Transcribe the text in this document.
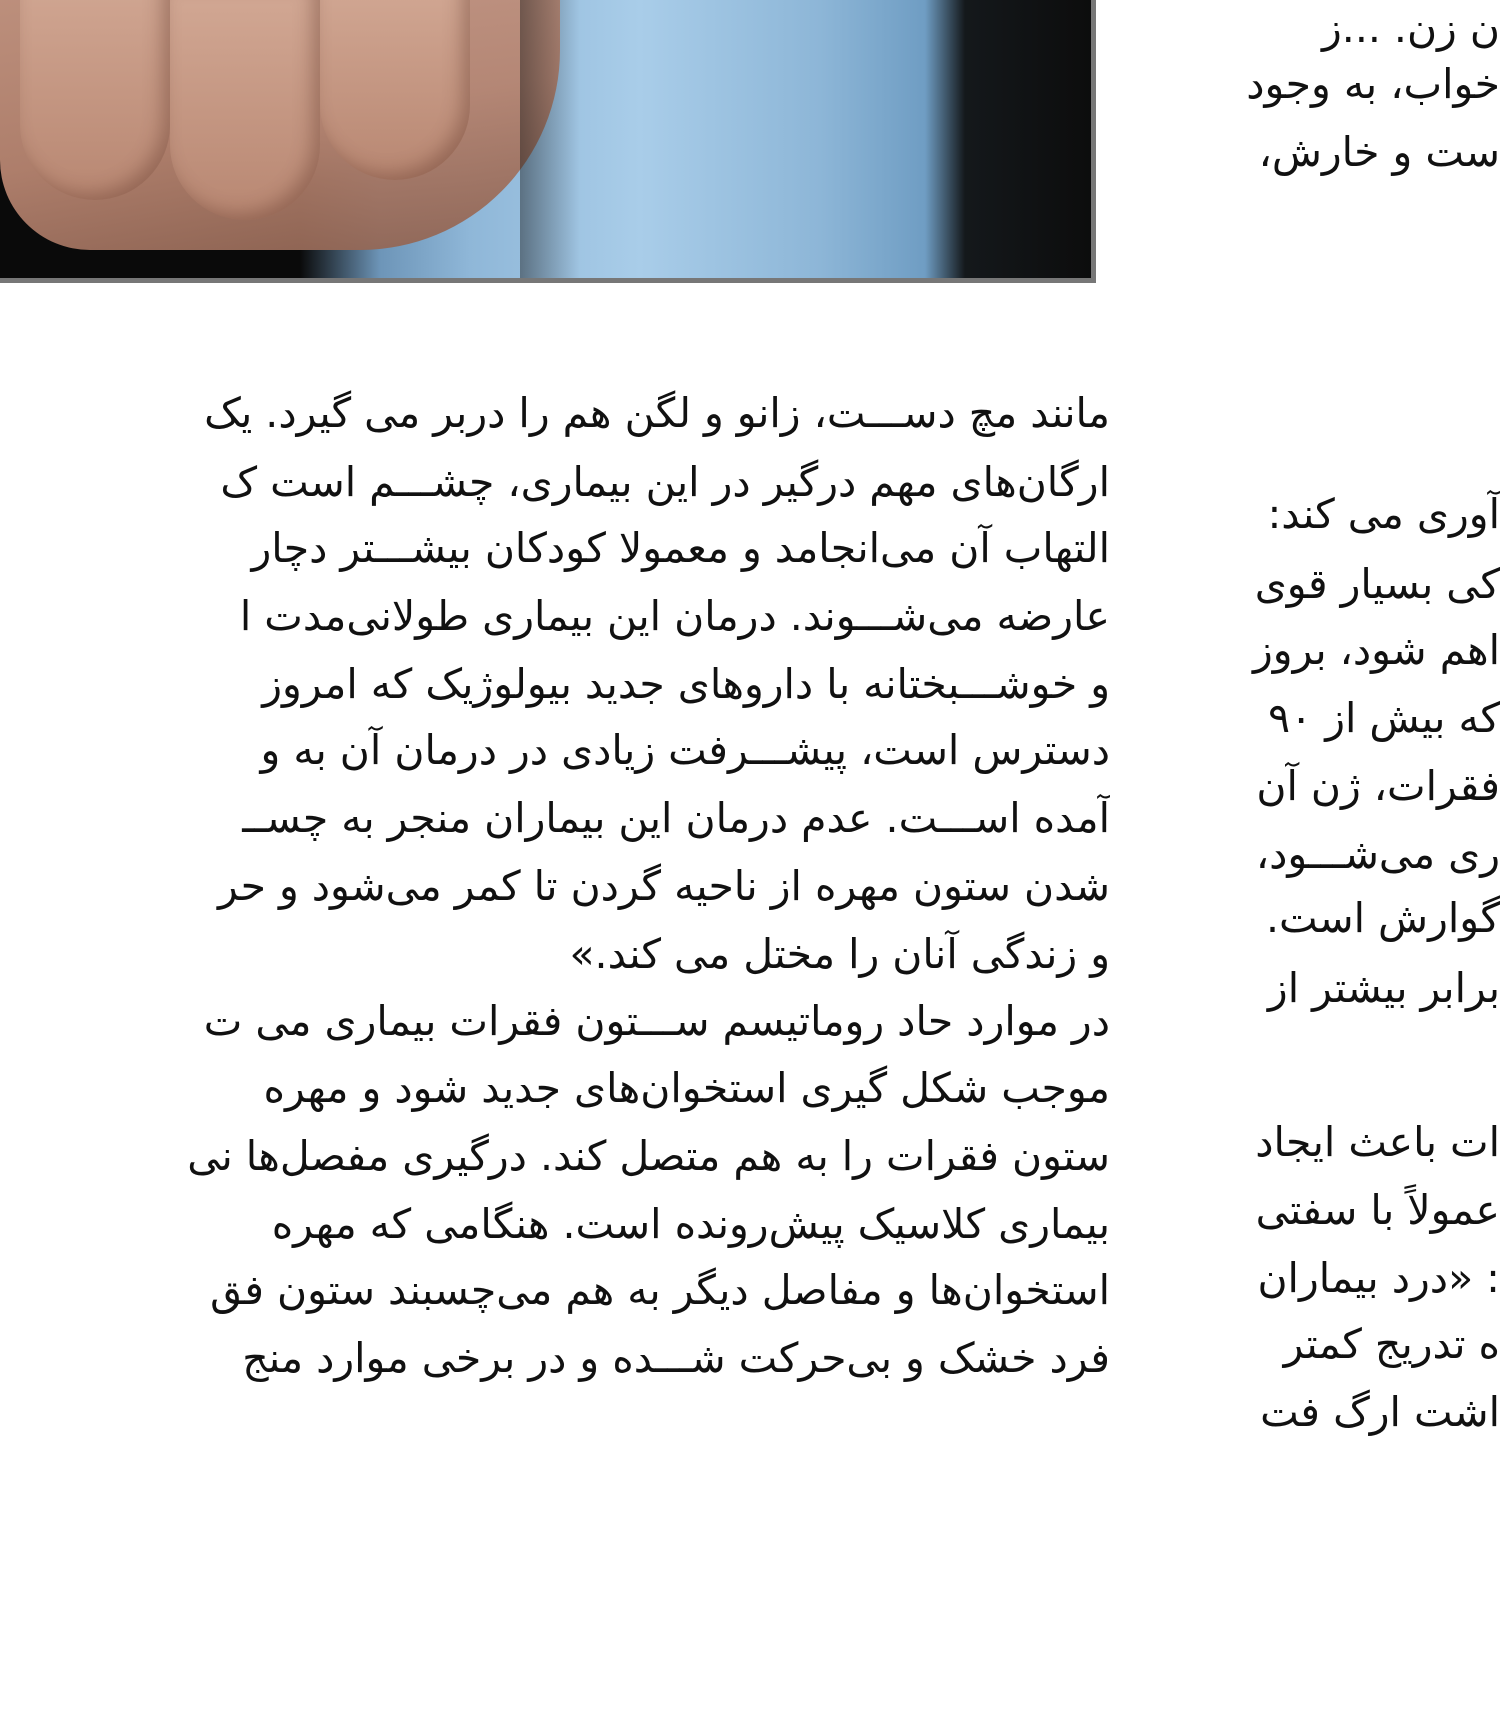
ن زن. ...ز
خواب، به وجود
ست و خارش،
آوری می کند:
کی بسیار قوی
اهم شود، بروز
که بیش از ۹۰
فقرات، ژن آن
ری می‌شـــود،
گوارش است.
برابر بیشتر از
ات باعث ایجاد
عمولاً با سفتی
: «درد بیماران
ه تدریج کمتر
اشت ارگ فت
مانند مچ دســـت، زانو و لگن هم را دربر می گیرد. یک
ارگان‌های مهم درگیر در این بیماری، چشـــم است ک
التهاب آن می‌انجامد و معمولا کودکان بیشـــتر دچار
عارضه می‌شـــوند. درمان این بیماری طولانی‌مدت ا
و خوشـــبختانه با داروهای جدید بیولوژیک که امروز
دسترس است، پیشـــرفت زیادی در درمان آن به و
آمده اســـت. عدم درمان این بیماران منجر به چســ
شدن ستون مهره از ناحیه گردن تا کمر می‌شود و حر
و زندگی آنان را مختل می کند.»
در موارد حاد روماتیسم ســـتون فقرات بیماری می ت
موجب شکل گیری استخوان‌های جدید شود و مهره‌
ستون فقرات را به هم متصل کند. درگیری مفصل‌ها نی
بیماری کلاسیک پیش‌رونده است. هنگامی که مهره
استخوان‌ها و مفاصل دیگر به هم می‌چسبند ستون فق
فرد خشک و بی‌حرکت شـــده و در برخی موارد منج
